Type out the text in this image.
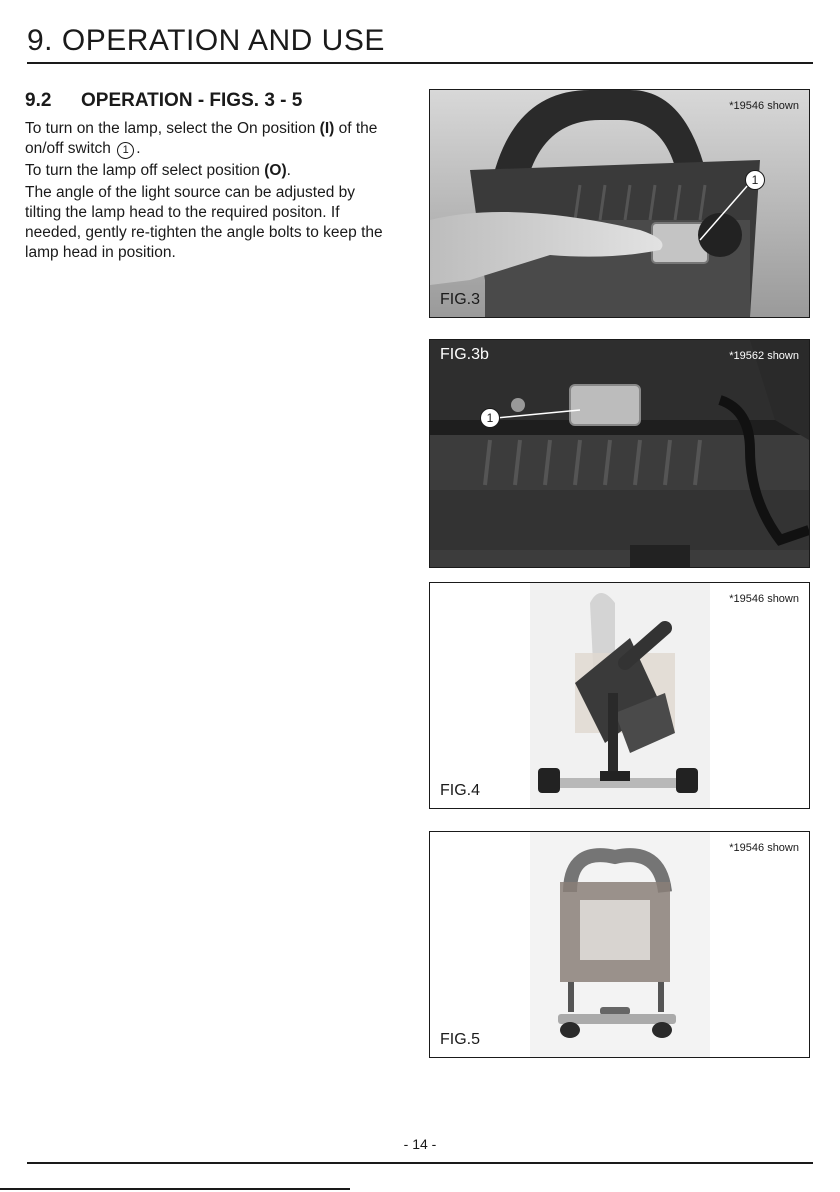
9. OPERATION AND USE
9.2 OPERATION - FIGS. 3 - 5

To turn on the lamp, select the On position (I) of the on/off switch 1 .

To turn the lamp off select position (O).

The angle of the light source can be adjusted by tilting the lamp head to the required positon. If needed, gently re-tighten the angle bolts to keep the lamp head in position.

1
*19546 shown
FIG.3
1
*19562 shown
FIG.3b
*19546 shown
FIG.4
*19546 shown
FIG.5
- 14 -
